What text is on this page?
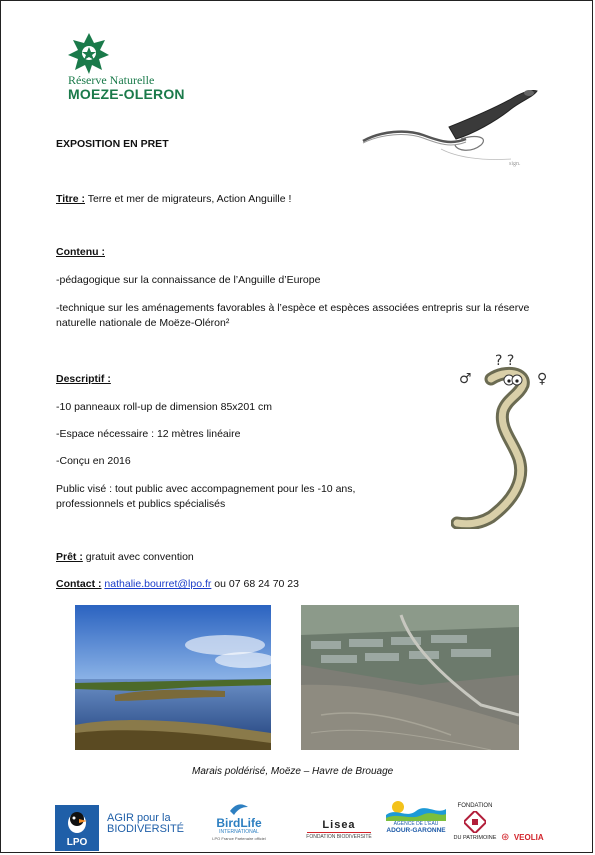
Réserve Naturelle
MOEZE-OLERON
sign.
EXPOSITION EN PRET
Titre : Terre et mer de migrateurs, Action Anguille !
Contenu :
-pédagogique sur la connaissance de l’Anguille d’Europe
-technique sur les aménagements favorables à l’espèce et espèces associées entrepris sur la réserve
naturelle nationale de Moëze-Oléron²
Descriptif :
-10 panneaux roll-up de dimension 85x201 cm
-Espace nécessaire : 12 mètres linéaire
-Conçu en 2016
Public visé : tout public avec accompagnement pour les -10 ans,
professionnels et publics spécialisés
? ?
♂	♀
Prêt : gratuit avec convention
Contact : nathalie.bourret@lpo.fr ou 07 68 24 70 23
Marais poldérisé, Moëze – Havre de Brouage
LPO
AGIR pour la
BIODIVERSITÉ	BirdLife
INTERNATIONAL
LPO France Partenaire officiel
Lisea
FONDATION BIODIVERSITÉ
AGENCE DE L'EAU
ADOUR-GARONNE
FONDATION
DU PATRIMOINE ⊛ VEOLIA
